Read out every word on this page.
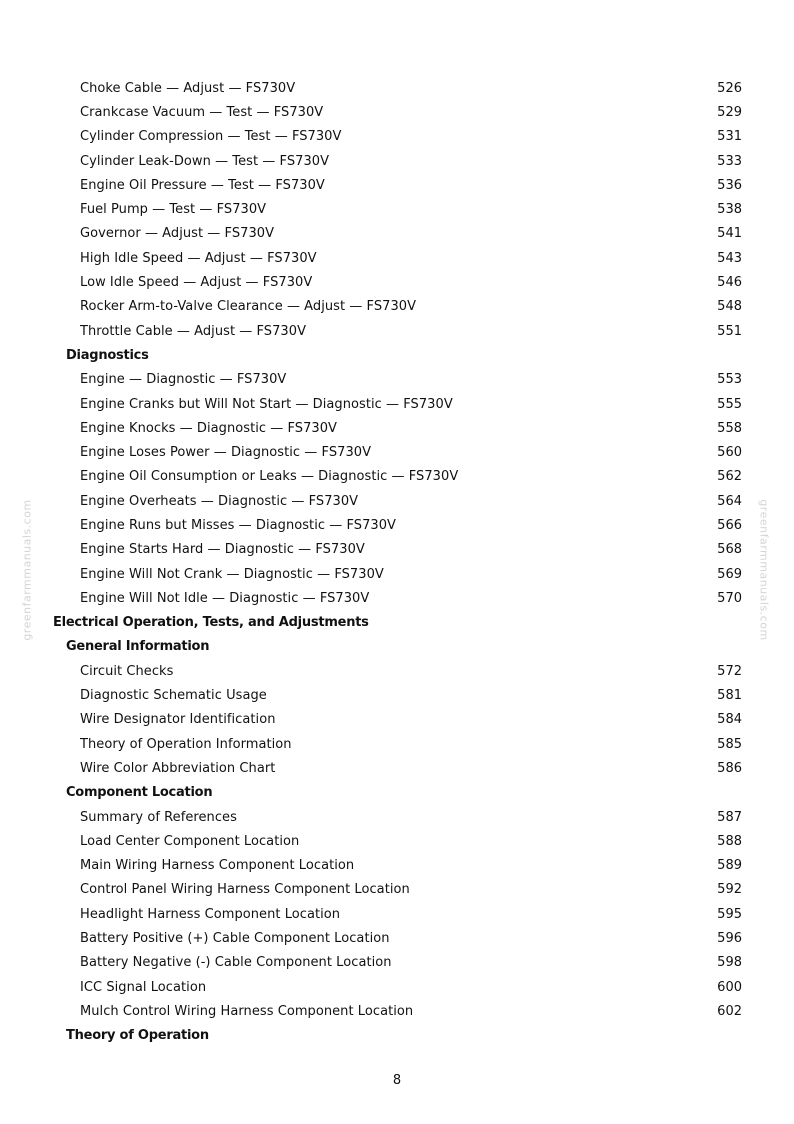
greenfarmmanuals.com	greenfarmmanuals.com
Choke Cable — Adjust — FS730V	526
Crankcase Vacuum — Test — FS730V	529
Cylinder Compression — Test — FS730V	531
Cylinder Leak-Down — Test — FS730V	533
Engine Oil Pressure — Test — FS730V	536
Fuel Pump — Test — FS730V	538
Governor — Adjust — FS730V	541
High Idle Speed — Adjust — FS730V	543
Low Idle Speed — Adjust — FS730V	546
Rocker Arm-to-Valve Clearance — Adjust — FS730V	548
Throttle Cable — Adjust — FS730V	551
Diagnostics
Engine — Diagnostic — FS730V	553
Engine Cranks but Will Not Start — Diagnostic — FS730V	555
Engine Knocks — Diagnostic — FS730V	558
Engine Loses Power — Diagnostic — FS730V	560
Engine Oil Consumption or Leaks — Diagnostic — FS730V	562
Engine Overheats — Diagnostic — FS730V	564
Engine Runs but Misses — Diagnostic — FS730V	566
Engine Starts Hard — Diagnostic — FS730V	568
Engine Will Not Crank — Diagnostic — FS730V	569
Engine Will Not Idle — Diagnostic — FS730V	570
Electrical Operation, Tests, and Adjustments
General Information
Circuit Checks	572
Diagnostic Schematic Usage	581
Wire Designator Identification	584
Theory of Operation Information	585
Wire Color Abbreviation Chart	586
Component Location
Summary of References	587
Load Center Component Location	588
Main Wiring Harness Component Location	589
Control Panel Wiring Harness Component Location	592
Headlight Harness Component Location	595
Battery Positive (+) Cable Component Location	596
Battery Negative (-) Cable Component Location	598
ICC Signal Location	600
Mulch Control Wiring Harness Component Location	602
Theory of Operation
8
